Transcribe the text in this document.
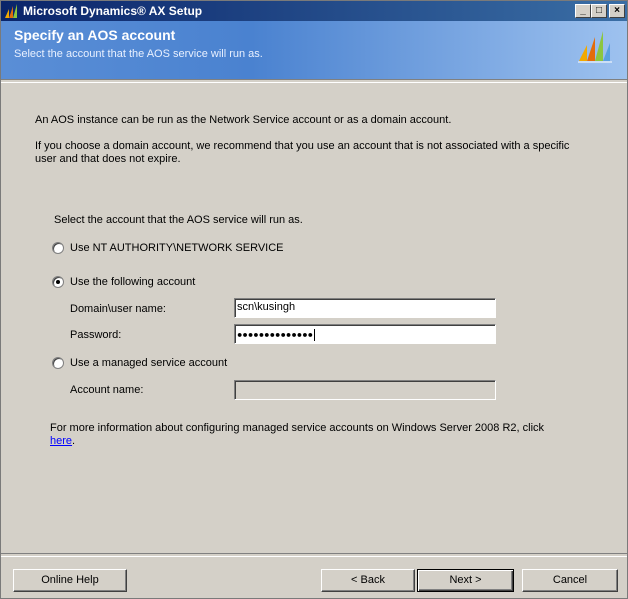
Microsoft Dynamics® AX Setup	_	□	×
Specify an AOS account
Select the account that the AOS service will run as.
An AOS instance can be run as the Network Service account or as a domain account.
If you choose a domain account, we recommend that you use an account that is not associated with a specific
user and that does not expire.
Select the account that the AOS service will run as.
Use NT AUTHORITY\NETWORK SERVICE
Use the following account
Domain\user name:	scn\kusingh
Password:	●●●●●●●●●●●●●●
Use a managed service account
Account name:
For more information about configuring managed service accounts on Windows Server 2008 R2, click
here.
Online Help	< Back	Next >	Cancel
